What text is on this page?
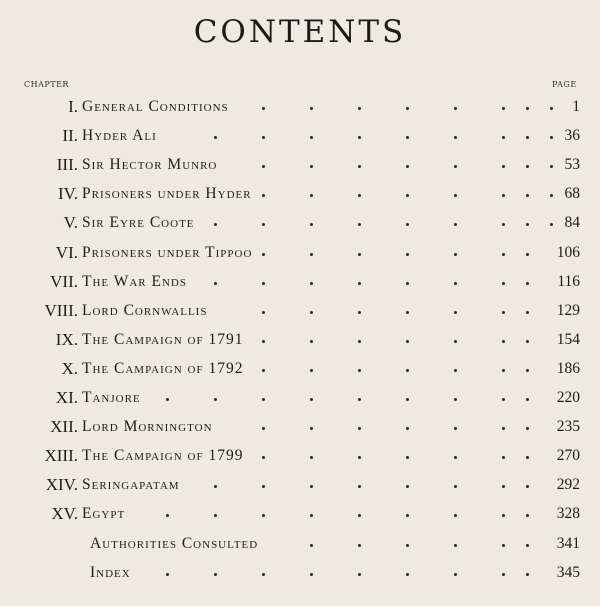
CONTENTS
CHAPTER	PAGE
I. General Conditions	1
II. Hyder Ali	36
III. Sir Hector Munro	53
IV. Prisoners under Hyder	68
V. Sir Eyre Coote	84
VI. Prisoners under Tippoo	106
VII. The War Ends	116
VIII. Lord Cornwallis	129
IX. The Campaign of 1791	154
X. The Campaign of 1792	186
XI. Tanjore	220
XII. Lord Mornington	235
XIII. The Campaign of 1799	270
XIV. Seringapatam	292
XV. Egypt	328
Authorities Consulted	341
Index	345
